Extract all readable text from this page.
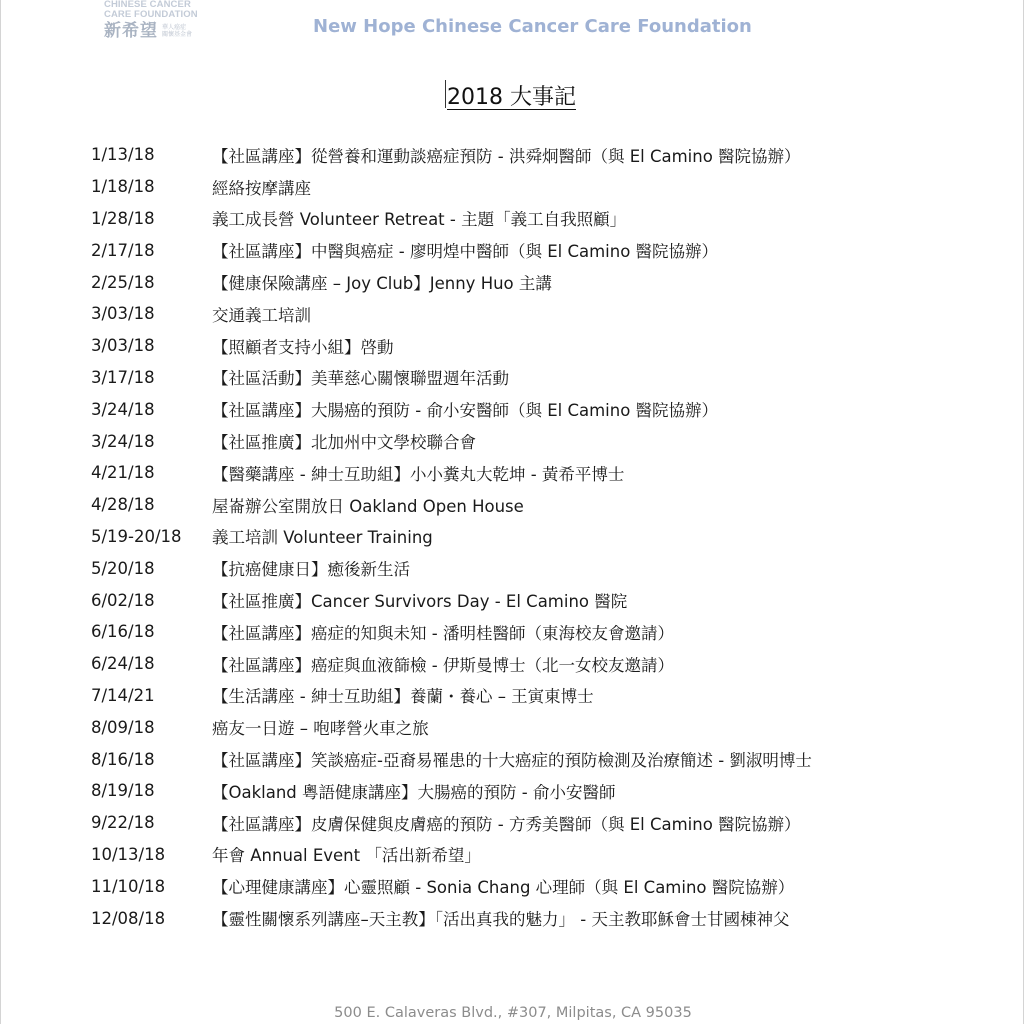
CHINESE CANCER
CARE FOUNDATION
新希望 華人癌症
關懷基金會	New Hope Chinese Cancer Care Foundation
2018 大事記
1/13/18	【社區講座】從營養和運動談癌症預防 - 洪舜炯醫師（與 El Camino 醫院協辦）
1/18/18	經絡按摩講座
1/28/18	義工成長營 Volunteer Retreat - 主題「義工自我照顧」
2/17/18	【社區講座】中醫與癌症 - 廖明煌中醫師（與 El Camino 醫院協辦）
2/25/18	【健康保險講座 – Joy Club】Jenny Huo 主講
3/03/18	交通義工培訓
3/03/18	【照顧者支持小組】啓動
3/17/18	【社區活動】美華慈心關懷聯盟週年活動
3/24/18	【社區講座】大腸癌的預防 - 俞小安醫師（與 El Camino 醫院協辦）
3/24/18	【社區推廣】北加州中文學校聯合會
4/21/18	【醫藥講座 - 紳士互助組】小小糞丸大乾坤 - 黃希平博士
4/28/18	屋崙辦公室開放日 Oakland Open House
5/19-20/18	義工培訓 Volunteer Training
5/20/18	【抗癌健康日】癒後新生活
6/02/18	【社區推廣】Cancer Survivors Day - El Camino 醫院
6/16/18	【社區講座】癌症的知與未知 - 潘明桂醫師（東海校友會邀請）
6/24/18	【社區講座】癌症與血液篩檢 - 伊斯曼博士（北一女校友邀請）
7/14/21	【生活講座 - 紳士互助組】養蘭・養心 – 王寅東博士
8/09/18	癌友一日遊 – 咆哮營火車之旅
8/16/18	【社區講座】笑談癌症-亞裔易罹患的十大癌症的預防檢測及治療簡述 - 劉淑明博士
8/19/18	【Oakland 粵語健康講座】大腸癌的預防 - 俞小安醫師
9/22/18	【社區講座】皮膚保健與皮膚癌的預防 - 方秀美醫師（與 El Camino 醫院協辦）
10/13/18	年會 Annual Event 「活出新希望」
11/10/18	【心理健康講座】心靈照顧 - Sonia Chang 心理師（與 El Camino 醫院協辦）
12/08/18	【靈性關懷系列講座–天主教】「活出真我的魅力」 - 天主教耶穌會士甘國棟神父
500 E. Calaveras Blvd., #307, Milpitas, CA 95035
